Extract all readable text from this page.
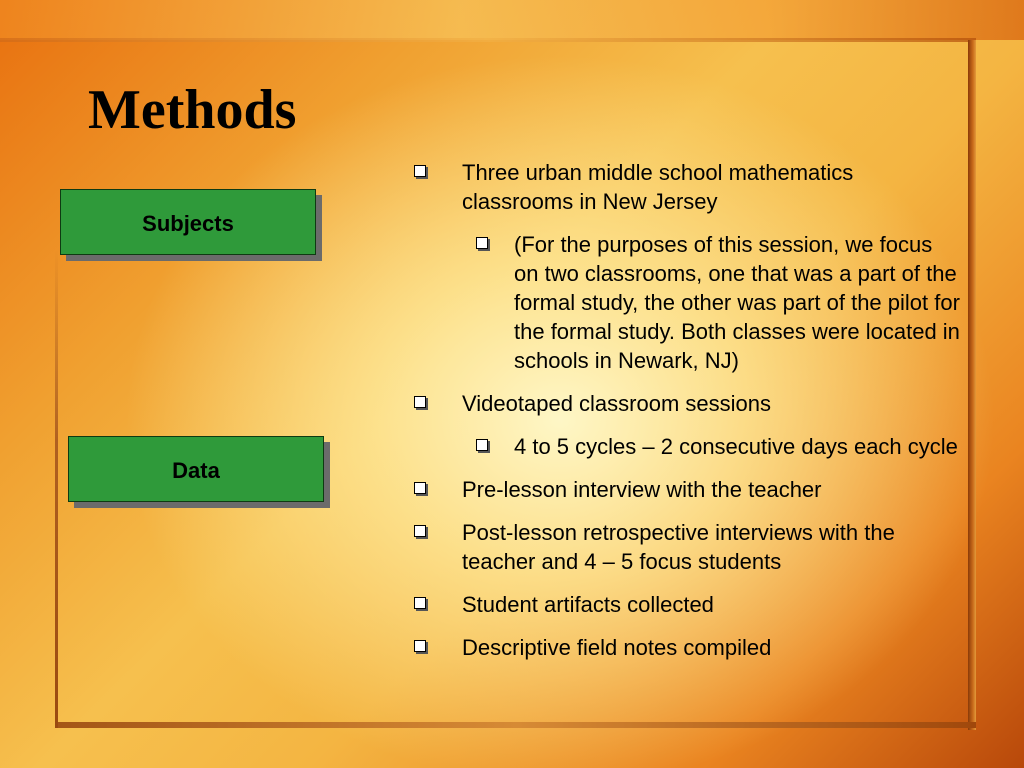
Methods
Subjects
Data
Three urban middle school mathematics classrooms in New Jersey
(For the purposes of this session, we focus on two classrooms, one that was a part of the formal study, the other was part of the pilot for the formal study. Both classes were located in schools in Newark, NJ)
Videotaped classroom sessions
4 to 5 cycles – 2 consecutive days each cycle
Pre-lesson interview with the teacher
Post-lesson retrospective interviews with the teacher and 4 – 5 focus students
Student artifacts collected
Descriptive field notes compiled
